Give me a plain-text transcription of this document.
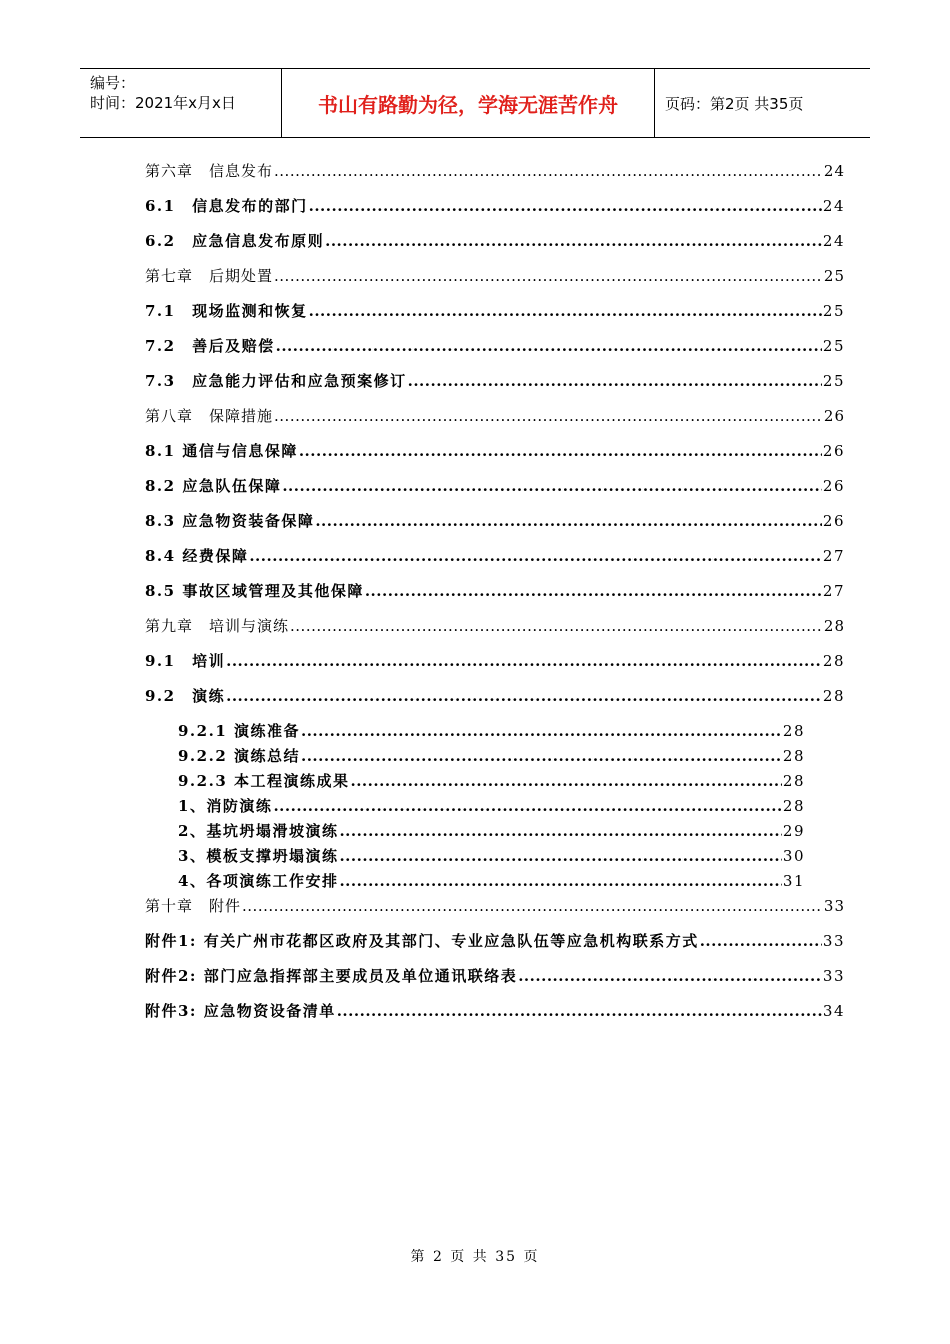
编号：
时间：2021年x月x日	书山有路勤为径，学海无涯苦作舟	页码：第2页 共35页
第六章　信息发布 .....	24
6.1　信息发布的部门 .....	24
6.2　应急信息发布原则 .....	24
第七章　后期处置 .....	25
7.1　现场监测和恢复 .....	25
7.2　善后及赔偿 .....	25
7.3　应急能力评估和应急预案修订 .....	25
第八章　保障措施 .....	26
8.1 通信与信息保障 .....	26
8.2 应急队伍保障 .....	26
8.3 应急物资装备保障 .....	26
8.4 经费保障 .....	27
8.5 事故区域管理及其他保障 .....	27
第九章　培训与演练 .....	28
9.1　培训 .....	28
9.2　演练 .....	28
9.2.1 演练准备 .....	28
9.2.2 演练总结 .....	28
9.2.3 本工程演练成果 .....	28
1、消防演练 .....	28
2、基坑坍塌滑坡演练 .....	29
3、模板支撑坍塌演练 .....	30
4、各项演练工作安排 .....	31
第十章　附件 .....	33
附件1: 有关广州市花都区政府及其部门、专业应急队伍等应急机构联系方式 .....	33
附件2: 部门应急指挥部主要成员及单位通讯联络表 .....	33
附件3: 应急物资设备清单 .....	34
第 2 页 共 35 页
